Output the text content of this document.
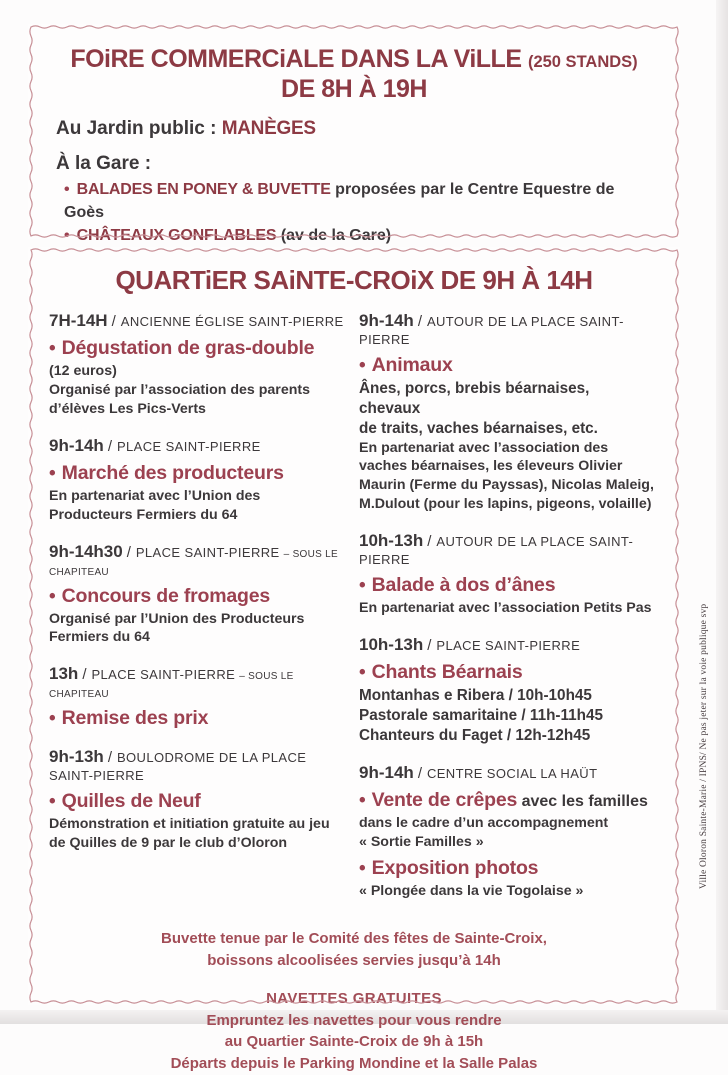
FOiRE COMMERCiALE DANS LA ViLLE (250 STANDS)
DE 8H À 19H

Au Jardin public : MANÈGES

À la Gare :

• BALADES EN PONEY & BUVETTE proposées par le Centre Equestre de Goès
• CHÂTEAUX GONFLABLES (av de la Gare)
QUARTiER SAiNTE-CROiX DE 9H À 14H
7H-14H / ANCIENNE ÉGLISE SAINT-PIERRE
• Dégustation de gras-double
(12 euros)
Organisé par l’association des parents d’élèves Les Pics-Verts
9h-14h / PLACE SAINT-PIERRE
• Marché des producteurs
En partenariat avec l’Union des Producteurs Fermiers du 64
9h-14h30 / PLACE SAINT-PIERRE – SOUS LE CHAPITEAU
• Concours de fromages
Organisé par l’Union des Producteurs Fermiers du 64
13h / PLACE SAINT-PIERRE – SOUS LE CHAPITEAU
• Remise des prix
9h-13h / BOULODROME DE LA PLACE SAINT-PIERRE
• Quilles de Neuf
Démonstration et initiation gratuite au jeu de Quilles de 9 par le club d’Oloron
9h-14h / AUTOUR DE LA PLACE SAINT-PIERRE
• Animaux
Ânes, porcs, brebis béarnaises,
chevaux
de traits, vaches béarnaises, etc.
En partenariat avec l’association des vaches béarnaises, les éleveurs Olivier Maurin (Ferme du Payssas), Nicolas Maleig, M.Dulout (pour les lapins, pigeons, volaille)
10h-13h / AUTOUR DE LA PLACE SAINT-PIERRE
• Balade à dos d’ânes
En partenariat avec l’association Petits Pas
10h-13h / PLACE SAINT-PIERRE
• Chants Béarnais
Montanhas e Ribera / 10h-10h45
Pastorale samaritaine / 11h-11h45
Chanteurs du Faget / 12h-12h45
9h-14h / CENTRE SOCIAL LA HAÜT
• Vente de crêpes avec les familles
dans le cadre d’un accompagnement
« Sortie Familles »
• Exposition photos
« Plongée dans la vie Togolaise »

Buvette tenue par le Comité des fêtes de Sainte-Croix,

boissons alcoolisées servies jusqu’à 14h

NAVETTES GRATUITES

Empruntez les navettes pour vous rendre

au Quartier Sainte-Croix de 9h à 15h

Départs depuis le Parking Mondine et la Salle Palas

Ville Oloron Sainte-Marie / IPNS/ Ne pas jeter sur la voie publique svp
